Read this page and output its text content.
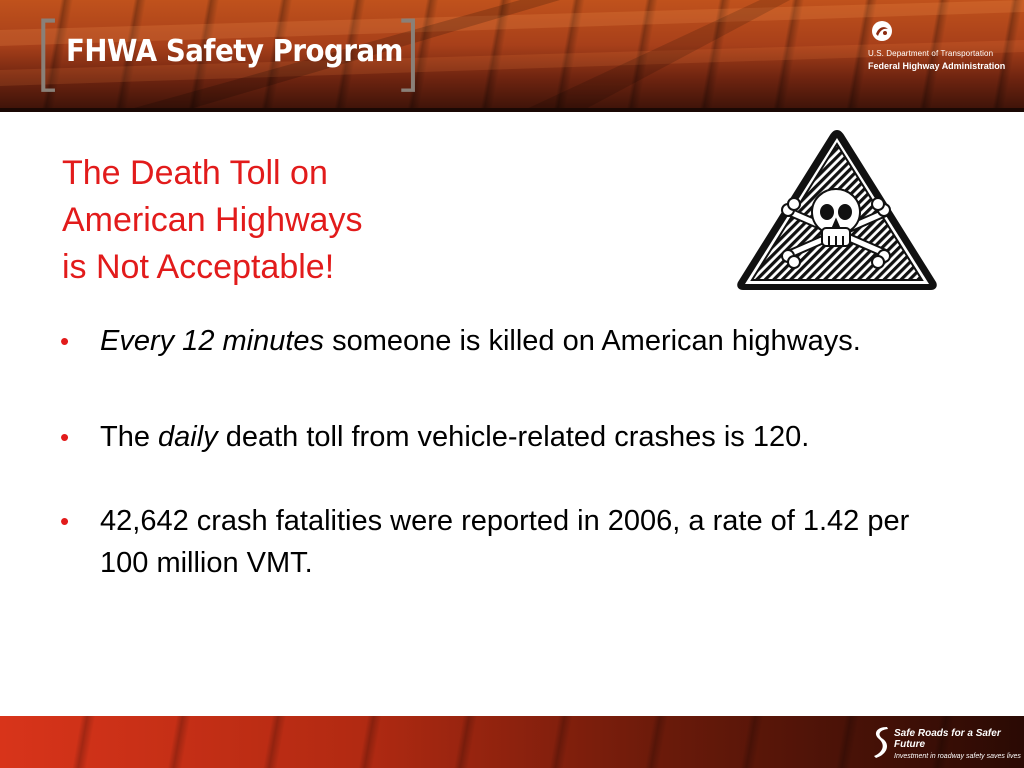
[ FHWA Safety Program
]	U.S. Department of Transportation
Federal Highway Administration
The Death Toll on
American Highways
is Not Acceptable!
• Every 12 minutes someone is killed on American highways.
• The daily death toll from vehicle-related crashes is 120.
• 42,642 crash fatalities were reported in 2006, a rate of 1.42 per 100 million VMT.
Safe Roads for a Safer Future
Investment in roadway safety saves lives
